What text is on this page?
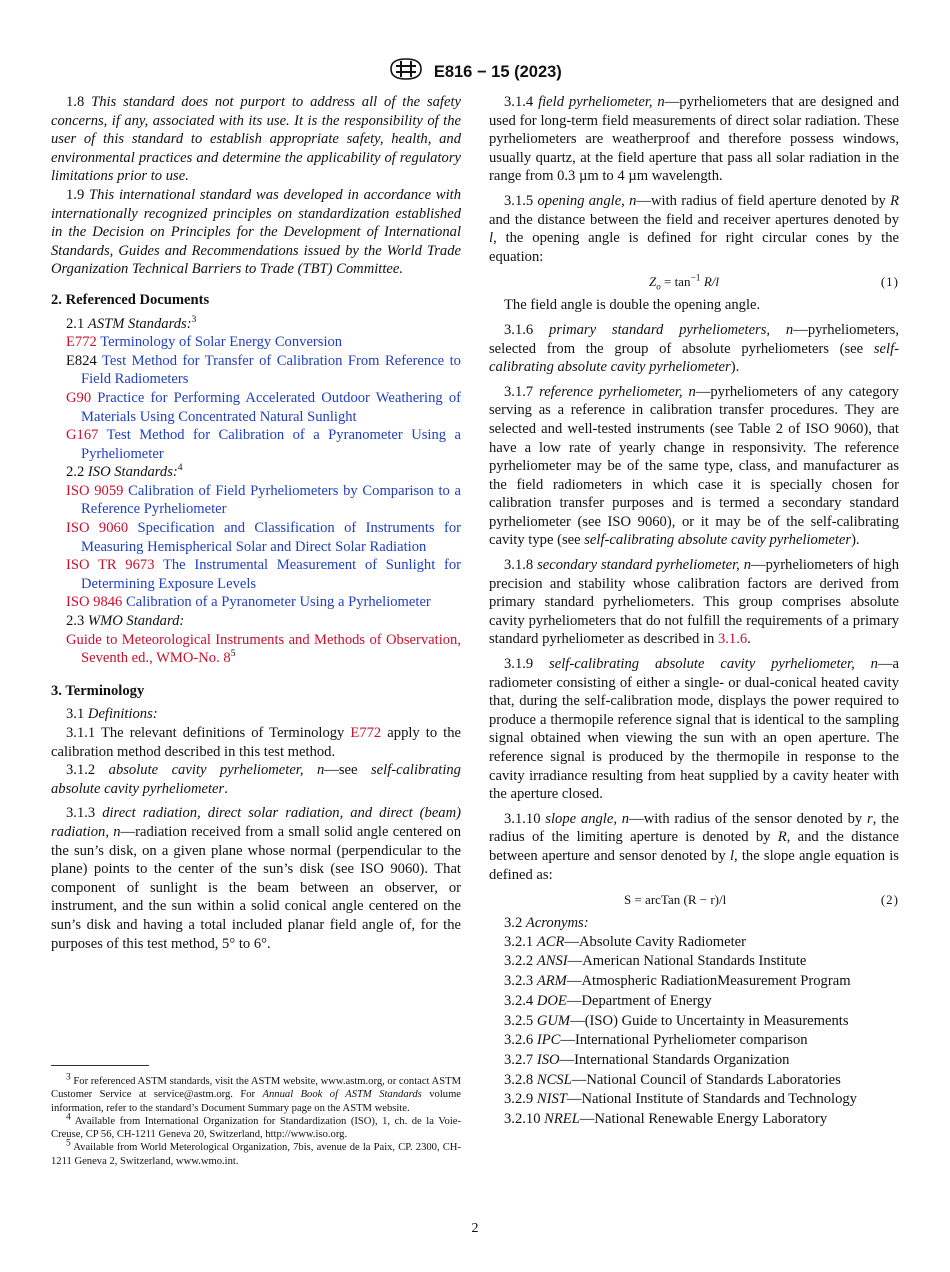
E816 − 15 (2023)

1.8 This standard does not purport to address all of the safety concerns, if any, associated with its use. It is the responsibility of the user of this standard to establish appropriate safety, health, and environmental practices and determine the applicability of regulatory limitations prior to use.

1.9 This international standard was developed in accordance with internationally recognized principles on standardization established in the Decision on Principles for the Development of International Standards, Guides and Recommendations issued by the World Trade Organization Technical Barriers to Trade (TBT) Committee.

2. Referenced Documents

2.1 ASTM Standards:$^3$

E772 Terminology of Solar Energy Conversion

E824 Test Method for Transfer of Calibration From Reference to Field Radiometers

G90 Practice for Performing Accelerated Outdoor Weathering of Materials Using Concentrated Natural Sunlight

G167 Test Method for Calibration of a Pyranometer Using a Pyrheliometer

2.2 ISO Standards:$^4$

ISO 9059 Calibration of Field Pyrheliometers by Comparison to a Reference Pyrheliometer

ISO 9060 Specification and Classification of Instruments for Measuring Hemispherical Solar and Direct Solar Radiation

ISO TR 9673 The Instrumental Measurement of Sunlight for Determining Exposure Levels

ISO 9846 Calibration of a Pyranometer Using a Pyrheliometer

2.3 WMO Standard:

Guide to Meteorological Instruments and Methods of Observation, Seventh ed., WMO-No. $8^5$

3. Terminology

3.1 Definitions:

3.1.1 The relevant definitions of Terminology E772 apply to the calibration method described in this test method.

3.1.2 absolute cavity pyrheliometer, n—see self-calibrating absolute cavity pyrheliometer.

3.1.3 direct radiation, direct solar radiation, and direct (beam) radiation, n—radiation received from a small solid angle centered on the sun’s disk, on a given plane whose normal (perpendicular to the plane) points to the center of the sun’s disk (see ISO 9060). That component of sunlight is the beam between an observer, or instrument, and the sun within a solid conical angle centered on the sun’s disk and having a total included planar field angle of, for the purposes of this test method, 5° to 6°.

$^3$ For referenced ASTM standards, visit the ASTM website, www.astm.org, or contact ASTM Customer Service at service@astm.org. For Annual Book of ASTM Standards volume information, refer to the standard’s Document Summary page on the ASTM website.

$^4$ Available from International Organization for Standardization (ISO), 1, ch. de la Voie-Creuse, CP 56, CH-1211 Geneva 20, Switzerland, http://www.iso.org.

$^5$ Available from World Meterological Organization, 7bis, avenue de la Paix, CP. 2300, CH-1211 Geneva 2, Switzerland, www.wmo.int.

3.1.4 field pyrheliometer, n—pyrheliometers that are designed and used for long-term field measurements of direct solar radiation. These pyrheliometers are weatherproof and therefore possess windows, usually quartz, at the field aperture that pass all solar radiation in the range from 0.3 µm to 4 µm wavelength.

3.1.5 opening angle, n—with radius of field aperture denoted by R and the distance between the field and receiver apertures denoted by l, the opening angle is defined for right circular cones by the equation:

$Z_o = \tan^{-1} R/l$	(1)

The field angle is double the opening angle.

3.1.6 primary standard pyrheliometers, n—pyrheliometers, selected from the group of absolute pyrheliometers (see self-calibrating absolute cavity pyrheliometer).

3.1.7 reference pyrheliometer, n—pyrheliometers of any category serving as a reference in calibration transfer procedures. They are selected and well-tested instruments (see Table 2 of ISO 9060), that have a low rate of yearly change in responsivity. The reference pyrheliometer may be of the same type, class, and manufacturer as the field radiometers in which case it is specially chosen for calibration transfer purposes and is termed a secondary standard pyrheliometer (see ISO 9060), or it may be of the self-calibrating cavity type (see self-calibrating absolute cavity pyrheliometer).

3.1.8 secondary standard pyrheliometer, n—pyrheliometers of high precision and stability whose calibration factors are derived from primary standard pyrheliometers. This group comprises absolute cavity pyrheliometers that do not fulfill the requirements of a primary standard pyrheliometer as described in 3.1.6.

3.1.9 self-calibrating absolute cavity pyrheliometer, n—a radiometer consisting of either a single- or dual-conical heated cavity that, during the self-calibration mode, displays the power required to produce a thermopile reference signal that is identical to the sampling signal obtained when viewing the sun with an open aperture. The reference signal is produced by the thermopile in response to the cavity irradiance resulting from heat supplied by a cavity heater with the aperture closed.

3.1.10 slope angle, n—with radius of the sensor denoted by r, the radius of the limiting aperture is denoted by R, and the distance between aperture and sensor denoted by l, the slope angle equation is defined as:

S = arcTan (R − r)/l	(2)

3.2 Acronyms:

3.2.1 ACR—Absolute Cavity Radiometer

3.2.2 ANSI—American National Standards Institute

3.2.3 ARM—Atmospheric RadiationMeasurement Program

3.2.4 DOE—Department of Energy

3.2.5 GUM—(ISO) Guide to Uncertainty in Measurements

3.2.6 IPC—International Pyrheliometer comparison

3.2.7 ISO—International Standards Organization

3.2.8 NCSL—National Council of Standards Laboratories

3.2.9 NIST—National Institute of Standards and Technology

3.2.10 NREL—National Renewable Energy Laboratory

2
